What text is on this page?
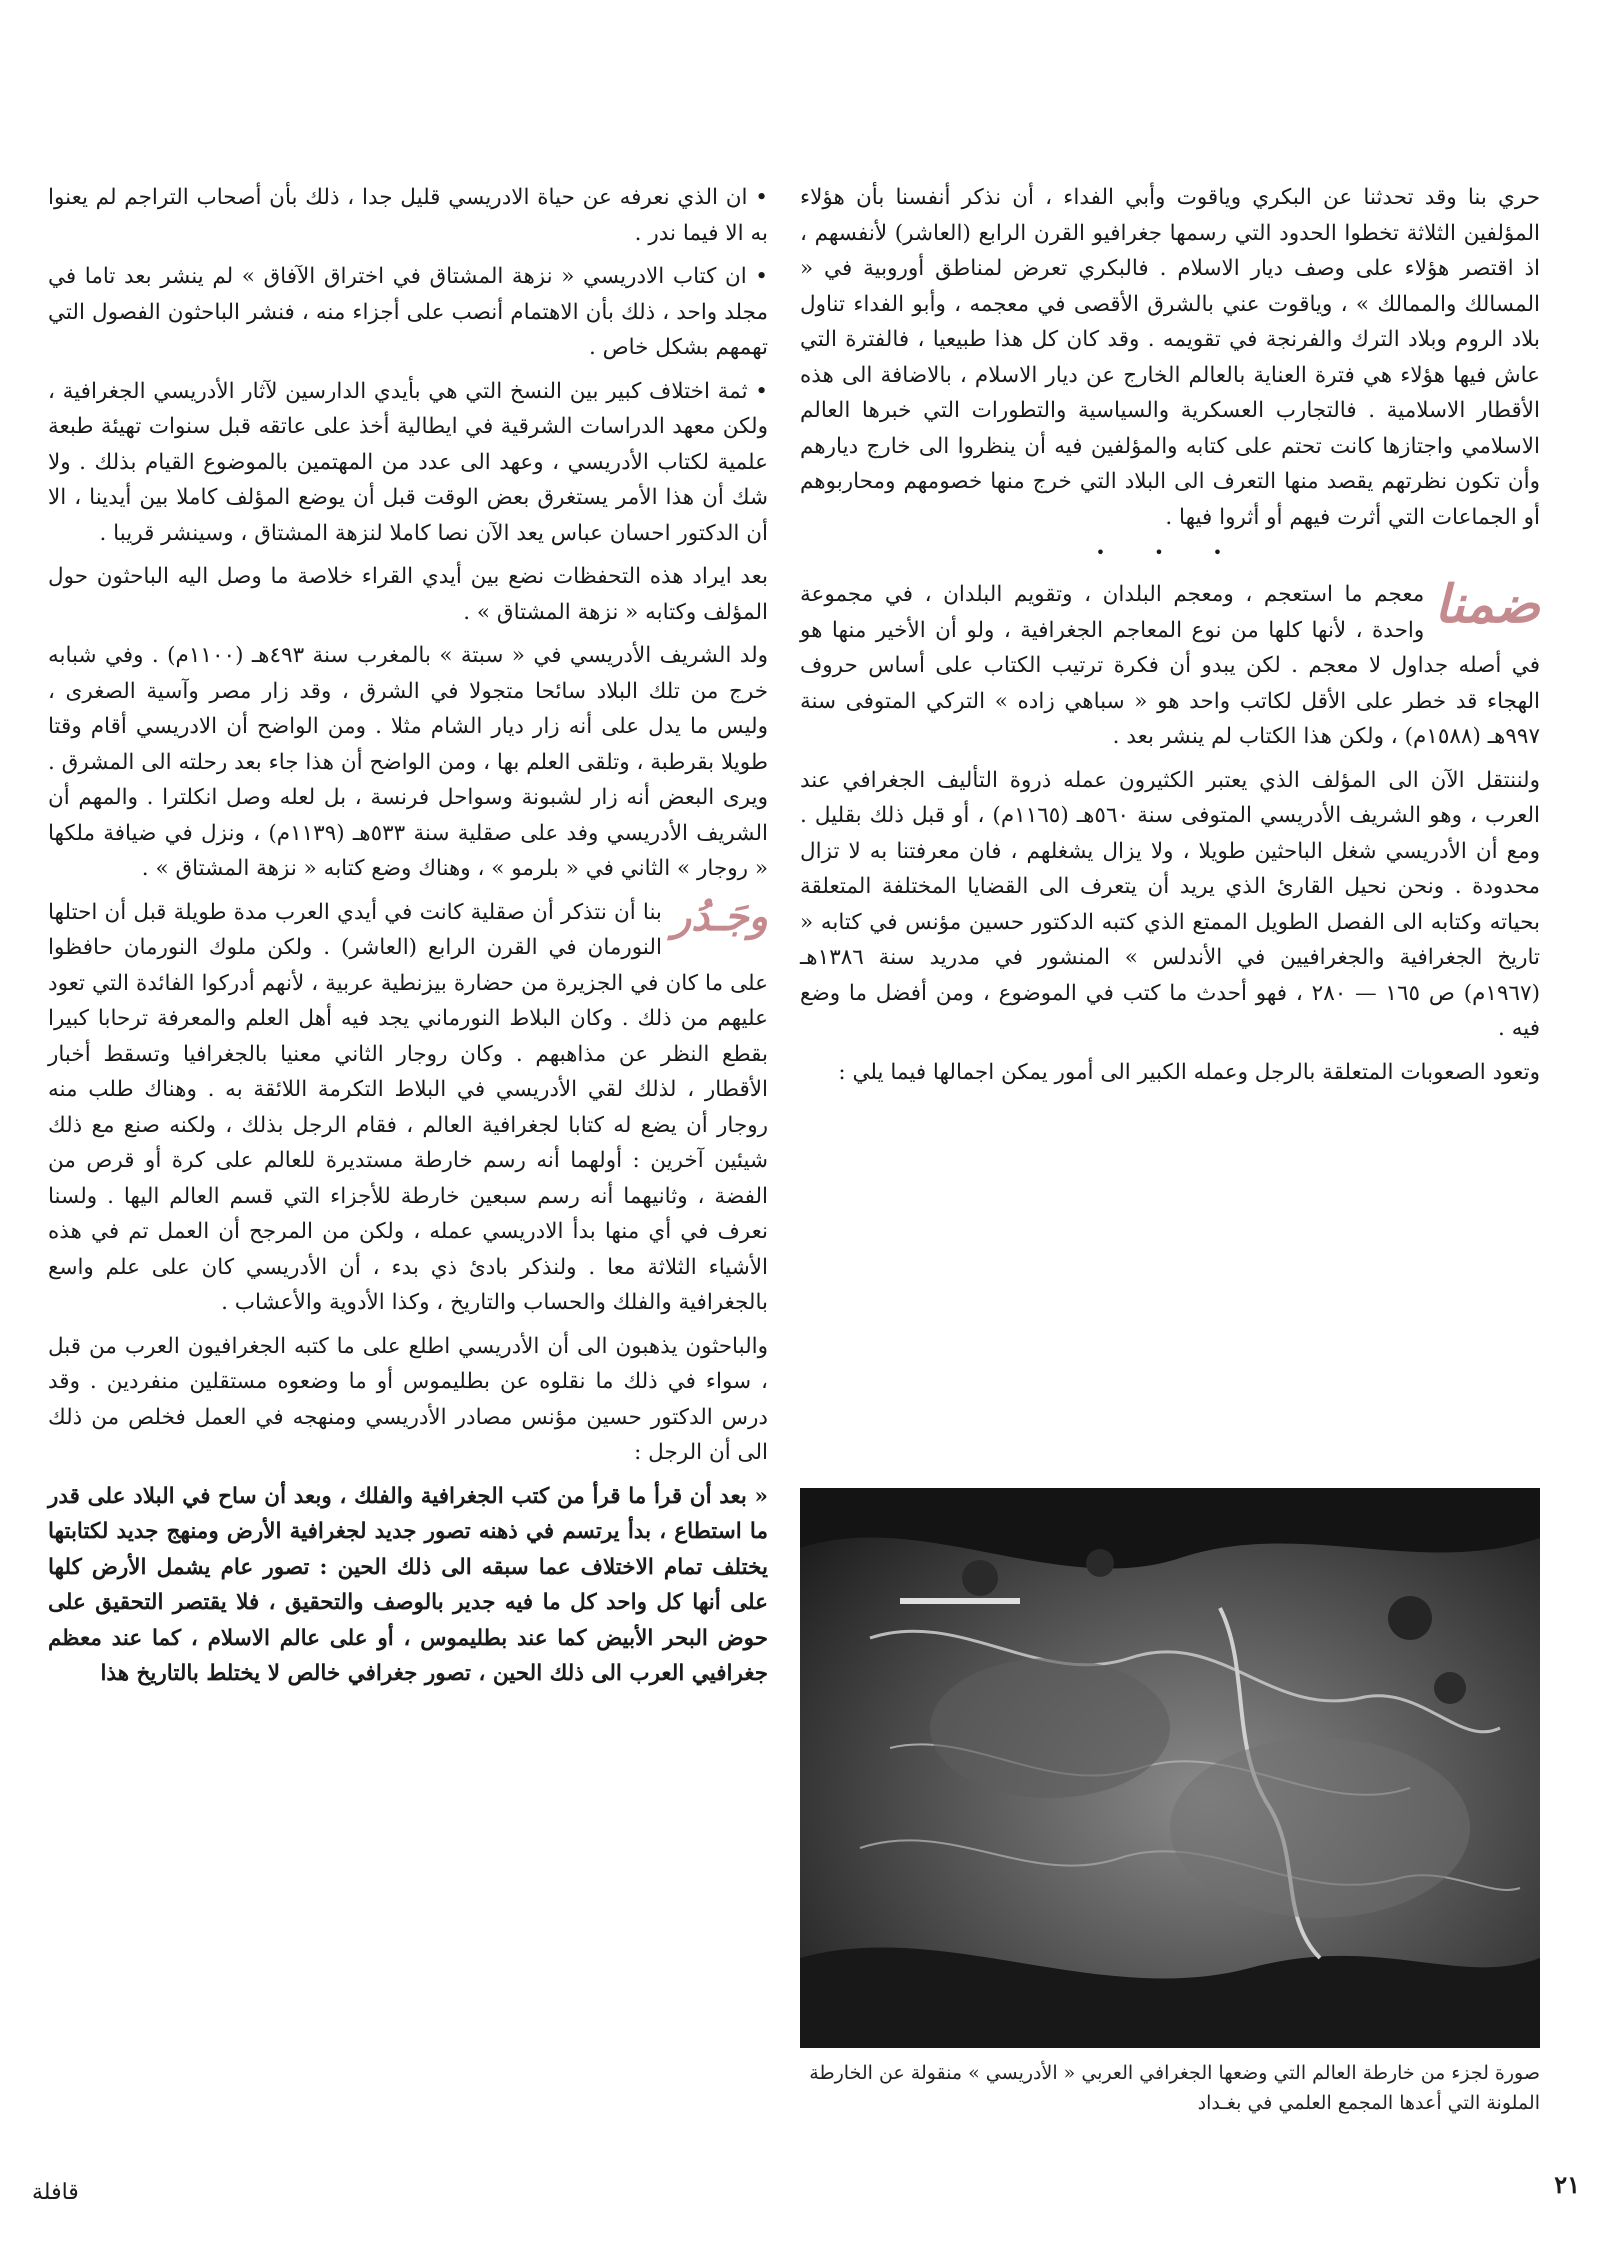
حري بنا وقد تحدثنا عن البكري وياقوت وأبي الفداء ، أن نذكر أنفسنا بأن هؤلاء المؤلفين الثلاثة تخطوا الحدود التي رسمها جغرافيو القرن الرابع (العاشر) لأنفسهم ، اذ اقتصر هؤلاء على وصف ديار الاسلام . فالبكري تعرض لمناطق أوروبية في « المسالك والممالك » ، وياقوت عني بالشرق الأقصى في معجمه ، وأبو الفداء تناول بلاد الروم وبلاد الترك والفرنجة في تقويمه . وقد كان كل هذا طبيعيا ، فالفترة التي عاش فيها هؤلاء هي فترة العناية بالعالم الخارج عن ديار الاسلام ، بالاضافة الى هذه الأقطار الاسلامية . فالتجارب العسكرية والسياسية والتطورات التي خبرها العالم الاسلامي واجتازها كانت تحتم على كتابه والمؤلفين فيه أن ينظروا الى خارج ديارهم وأن تكون نظرتهم يقصد منها التعرف الى البلاد التي خرج منها خصومهم ومحاربوهم أو الجماعات التي أثرت فيهم أو أثروا فيها .

• • •

ضمنا
معجم ما استعجم ، ومعجم البلدان ، وتقويم البلدان ، في مجموعة واحدة ، لأنها كلها من نوع المعاجم الجغرافية ، ولو أن الأخير منها هو في أصله جداول لا معجم . لكن يبدو أن فكرة ترتيب الكتاب على أساس حروف الهجاء قد خطر على الأقل لكاتب واحد هو « سباهي زاده » التركي المتوفى سنة ٩٩٧هـ (١٥٨٨م) ، ولكن هذا الكتاب لم ينشر بعد .

ولننتقل الآن الى المؤلف الذي يعتبر الكثيرون عمله ذروة التأليف الجغرافي عند العرب ، وهو الشريف الأدريسي المتوفى سنة ٥٦٠هـ (١١٦٥م) ، أو قبل ذلك بقليل . ومع أن الأدريسي شغل الباحثين طويلا ، ولا يزال يشغلهم ، فان معرفتنا به لا تزال محدودة . ونحن نحيل القارئ الذي يريد أن يتعرف الى القضايا المختلفة المتعلقة بحياته وكتابه الى الفصل الطويل الممتع الذي كتبه الدكتور حسين مؤنس في كتابه « تاريخ الجغرافية والجغرافيين في الأندلس » المنشور في مدريد سنة ١٣٨٦هـ (١٩٦٧م) ص ١٦٥ — ٢٨٠ ، فهو أحدث ما كتب في الموضوع ، ومن أفضل ما وضع فيه .

وتعود الصعوبات المتعلقة بالرجل وعمله الكبير الى أمور يمكن اجمالها فيما يلي :

صورة لجزء من خارطة العالم التي وضعها الجغرافي العربي « الأدريسي » منقولة عن الخارطة الملونة التي أعدها المجمع العلمي في بغـداد

• ان الذي نعرفه عن حياة الادريسي قليل جدا ، ذلك بأن أصحاب التراجم لم يعنوا به الا فيما ندر .

• ان كتاب الادريسي « نزهة المشتاق في اختراق الآفاق » لم ينشر بعد تاما في مجلد واحد ، ذلك بأن الاهتمام أنصب على أجزاء منه ، فنشر الباحثون الفصول التي تهمهم بشكل خاص .

• ثمة اختلاف كبير بين النسخ التي هي بأيدي الدارسين لآثار الأدريسي الجغرافية ، ولكن معهد الدراسات الشرقية في ايطالية أخذ على عاتقه قبل سنوات تهيئة طبعة علمية لكتاب الأدريسي ، وعهد الى عدد من المهتمين بالموضوع القيام بذلك . ولا شك أن هذا الأمر يستغرق بعض الوقت قبل أن يوضع المؤلف كاملا بين أيدينا ، الا أن الدكتور احسان عباس يعد الآن نصا كاملا لنزهة المشتاق ، وسينشر قريبا .

بعد ايراد هذه التحفظات نضع بين أيدي القراء خلاصة ما وصل اليه الباحثون حول المؤلف وكتابه « نزهة المشتاق » .

ولد الشريف الأدريسي في « سبتة » بالمغرب سنة ٤٩٣هـ (١١٠٠م) . وفي شبابه خرج من تلك البلاد سائحا متجولا في الشرق ، وقد زار مصر وآسية الصغرى ، وليس ما يدل على أنه زار ديار الشام مثلا . ومن الواضح أن الادريسي أقام وقتا طويلا بقرطبة ، وتلقى العلم بها ، ومن الواضح أن هذا جاء بعد رحلته الى المشرق . ويرى البعض أنه زار لشبونة وسواحل فرنسة ، بل لعله وصل انكلترا . والمهم أن الشريف الأدريسي وفد على صقلية سنة ٥٣٣هـ (١١٣٩م) ، ونزل في ضيافة ملكها « روجار » الثاني في « بلرمو » ، وهناك وضع كتابه « نزهة المشتاق » .

وجَـدُر
بنا أن نتذكر أن صقلية كانت في أيدي العرب مدة طويلة قبل أن احتلها النورمان في القرن الرابع (العاشر) . ولكن ملوك النورمان حافظوا على ما كان في الجزيرة من حضارة بيزنطية عربية ، لأنهم أدركوا الفائدة التي تعود عليهم من ذلك . وكان البلاط النورماني يجد فيه أهل العلم والمعرفة ترحابا كبيرا بقطع النظر عن مذاهبهم . وكان روجار الثاني معنيا بالجغرافيا وتسقط أخبار الأقطار ، لذلك لقي الأدريسي في البلاط التكرمة اللائقة به . وهناك طلب منه روجار أن يضع له كتابا لجغرافية العالم ، فقام الرجل بذلك ، ولكنه صنع مع ذلك شيئين آخرين : أولهما أنه رسم خارطة مستديرة للعالم على كرة أو قرص من الفضة ، وثانيهما أنه رسم سبعين خارطة للأجزاء التي قسم العالم اليها . ولسنا نعرف في أي منها بدأ الادريسي عمله ، ولكن من المرجح أن العمل تم في هذه الأشياء الثلاثة معا . ولنذكر بادئ ذي بدء ، أن الأدريسي كان على علم واسع بالجغرافية والفلك والحساب والتاريخ ، وكذا الأدوية والأعشاب .

والباحثون يذهبون الى أن الأدريسي اطلع على ما كتبه الجغرافيون العرب من قبل ، سواء في ذلك ما نقلوه عن بطليموس أو ما وضعوه مستقلين منفردين . وقد درس الدكتور حسين مؤنس مصادر الأدريسي ومنهجه في العمل فخلص من ذلك الى أن الرجل :

« بعد أن قرأ ما قرأ من كتب الجغرافية والفلك ، وبعد أن ساح في البلاد على قدر ما استطاع ، بدأ يرتسم في ذهنه تصور جديد لجغرافية الأرض ومنهج جديد لكتابتها يختلف تمام الاختلاف عما سبقه الى ذلك الحين : تصور عام يشمل الأرض كلها على أنها كل واحد كل ما فيه جدير بالوصف والتحقيق ، فلا يقتصر التحقيق على حوض البحر الأبيض كما عند بطليموس ، أو على عالم الاسلام ، كما عند معظم جغرافيي العرب الى ذلك الحين ، تصور جغرافي خالص لا يختلط بالتاريخ هذا

٢١
قافلة
